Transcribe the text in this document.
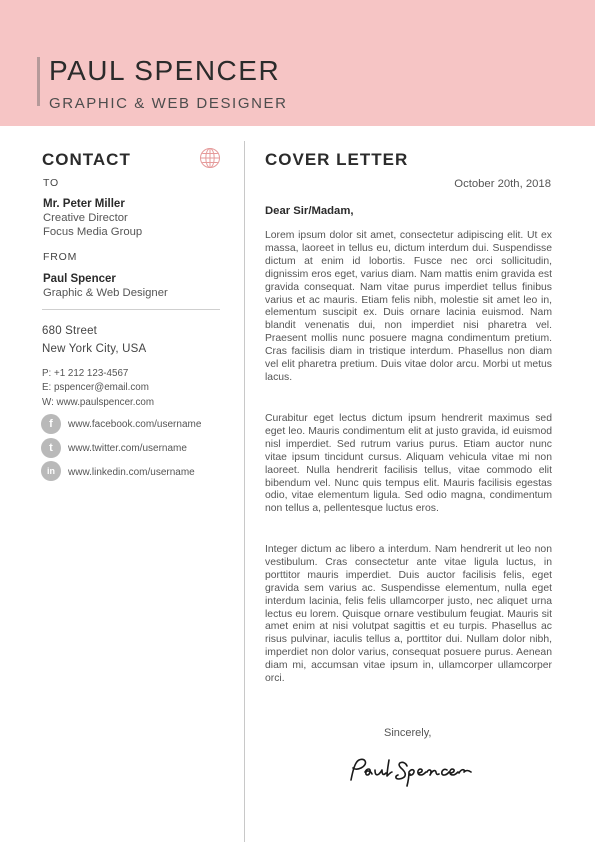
PAUL SPENCER
GRAPHIC & WEB DESIGNER
CONTACT
TO
Mr. Peter Miller
Creative Director
Focus Media Group
FROM
Paul Spencer
Graphic & Web Designer
680 Street
New York City, USA
P: +1 212 123-4567
E: pspencer@email.com
W: www.paulspencer.com
f	www.facebook.com/username
t	www.twitter.com/username
in	www.linkedin.com/username
COVER LETTER
October 20th, 2018
Dear Sir/Madam,
Lorem ipsum dolor sit amet, consectetur adipiscing elit. Ut ex massa, laoreet in tellus eu, dictum interdum dui. Suspendisse dictum at enim id lobortis. Fusce nec orci sollicitudin, dignissim eros eget, varius diam. Nam mattis enim gravida est gravida consequat. Nam vitae purus imperdiet tellus finibus varius et ac mauris. Etiam felis nibh, molestie sit amet leo in, elementum suscipit ex. Duis ornare lacinia euismod. Nam blandit venenatis dui, non imperdiet nisi pharetra vel. Praesent mollis nunc posuere magna condimentum pretium. Cras facilisis diam in tristique interdum. Phasellus non diam vel elit pharetra pretium. Duis vitae dolor arcu. Morbi ut metus lacus.
Curabitur eget lectus dictum ipsum hendrerit maximus sed eget leo. Mauris condimentum elit at justo gravida, id euismod nisl imperdiet. Sed rutrum varius purus. Etiam auctor nunc vitae ipsum tincidunt cursus. Aliquam vehicula vitae mi non laoreet. Nulla hendrerit facilisis tellus, vitae commodo elit bibendum vel. Nunc quis tempus elit. Mauris facilisis egestas odio, vitae elementum ligula. Sed odio magna, condimentum non tellus a, pellentesque luctus eros.
Integer dictum ac libero a interdum. Nam hendrerit ut leo non vestibulum. Cras consectetur ante vitae ligula luctus, in porttitor mauris imperdiet. Duis auctor facilisis felis, eget gravida sem varius ac. Suspendisse elementum, nulla eget interdum lacinia, felis felis ullamcorper justo, nec aliquet urna lectus eu lorem. Quisque ornare vestibulum feugiat. Mauris sit amet enim at nisi volutpat sagittis et eu turpis. Phasellus ac risus pulvinar, iaculis tellus a, porttitor dui. Nullam dolor nibh, imperdiet non dolor varius, consequat posuere purus. Aenean diam mi, accumsan vitae ipsum in, ullamcorper ullamcorper orci.
Sincerely,
